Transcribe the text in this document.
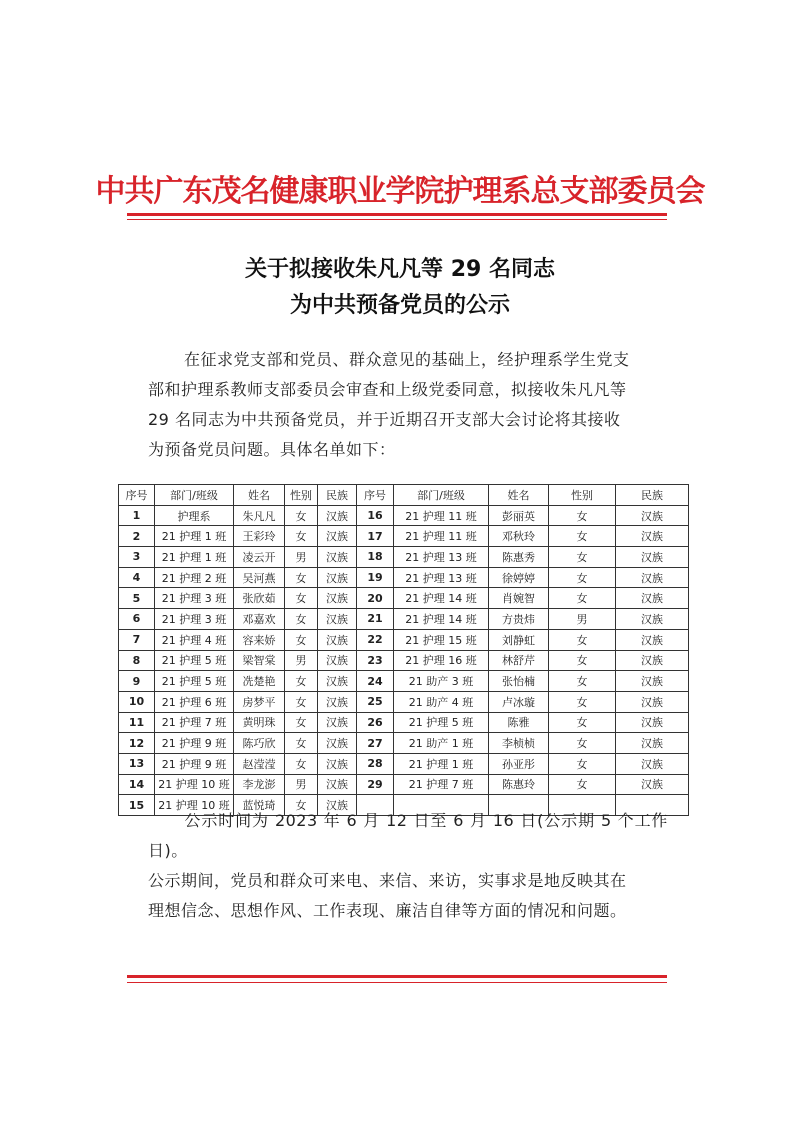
中共广东茂名健康职业学院护理系总支部委员会
关于拟接收朱凡凡等 29 名同志
为中共预备党员的公示
在征求党支部和党员、群众意见的基础上，经护理系学生党支
部和护理系教师支部委员会审查和上级党委同意，拟接收朱凡凡等
29 名同志为中共预备党员，并于近期召开支部大会讨论将其接收
为预备党员问题。具体名单如下：
序号	部门/班级	姓名	性别	民族	序号	部门/班级	姓名	性别	民族
1	护理系	朱凡凡	女	汉族	16	21 护理 11 班	彭丽英	女	汉族
2	21 护理 1 班	王彩玲	女	汉族	17	21 护理 11 班	邓秋玲	女	汉族
3	21 护理 1 班	凌云开	男	汉族	18	21 护理 13 班	陈惠秀	女	汉族
4	21 护理 2 班	吴河燕	女	汉族	19	21 护理 13 班	徐婷婷	女	汉族
5	21 护理 3 班	张欣茹	女	汉族	20	21 护理 14 班	肖婉智	女	汉族
6	21 护理 3 班	邓嘉欢	女	汉族	21	21 护理 14 班	方贵炜	男	汉族
7	21 护理 4 班	容来娇	女	汉族	22	21 护理 15 班	刘静虹	女	汉族
8	21 护理 5 班	梁智棠	男	汉族	23	21 护理 16 班	林舒芹	女	汉族
9	21 护理 5 班	冼楚艳	女	汉族	24	21 助产 3 班	张怡楠	女	汉族
10	21 护理 6 班	房梦平	女	汉族	25	21 助产 4 班	卢冰璇	女	汉族
11	21 护理 7 班	黄明珠	女	汉族	26	21 护理 5 班	陈雅	女	汉族
12	21 护理 9 班	陈巧欣	女	汉族	27	21 助产 1 班	李桢桢	女	汉族
13	21 护理 9 班	赵滢滢	女	汉族	28	21 护理 1 班	孙亚彤	女	汉族
14	21 护理 10 班	李龙澎	男	汉族	29	21 护理 7 班	陈惠玲	女	汉族
15	21 护理 10 班	蓝悦琦	女	汉族					
公示时间为 2023 年 6 月 12 日至 6 月 16 日(公示期 5 个工作日)。
公示期间，党员和群众可来电、来信、来访，实事求是地反映其在
理想信念、思想作风、工作表现、廉洁自律等方面的情况和问题。
